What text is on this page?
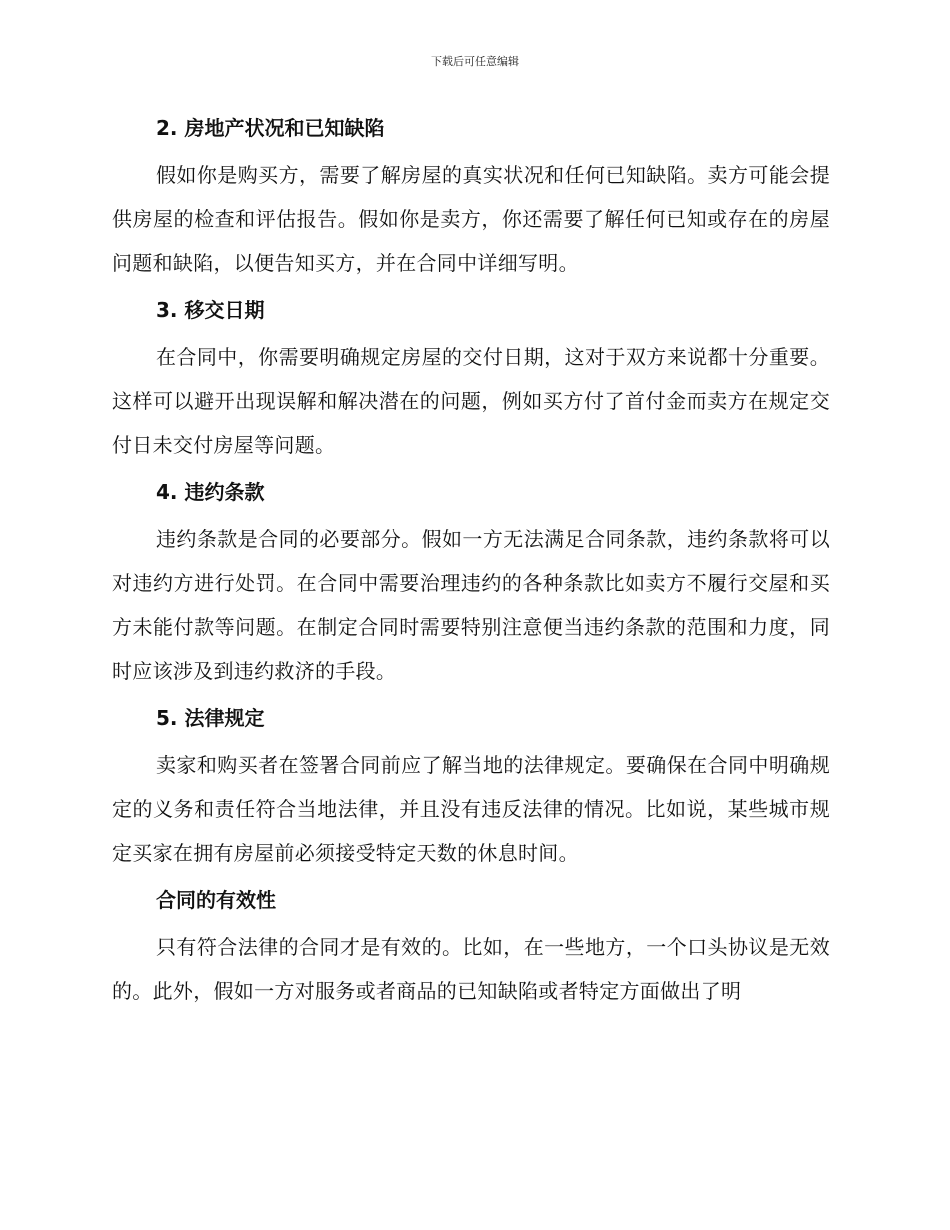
下载后可任意编辑
2. 房地产状况和已知缺陷

假如你是购买方，需要了解房屋的真实状况和任何已知缺陷。卖方可能会提供房屋的检查和评估报告。假如你是卖方，你还需要了解任何已知或存在的房屋问题和缺陷，以便告知买方，并在合同中详细写明。

3. 移交日期

在合同中，你需要明确规定房屋的交付日期，这对于双方来说都十分重要。这样可以避开出现误解和解决潜在的问题，例如买方付了首付金而卖方在规定交付日未交付房屋等问题。

4. 违约条款

违约条款是合同的必要部分。假如一方无法满足合同条款，违约条款将可以对违约方进行处罚。在合同中需要治理违约的各种条款比如卖方不履行交屋和买方未能付款等问题。在制定合同时需要特别注意便当违约条款的范围和力度，同时应该涉及到违约救济的手段。

5. 法律规定

卖家和购买者在签署合同前应了解当地的法律规定。要确保在合同中明确规定的义务和责任符合当地法律，并且没有违反法律的情况。比如说，某些城市规定买家在拥有房屋前必须接受特定天数的休息时间。

合同的有效性

只有符合法律的合同才是有效的。比如，在一些地方，一个口头协议是无效的。此外，假如一方对服务或者商品的已知缺陷或者特定方面做出了明
